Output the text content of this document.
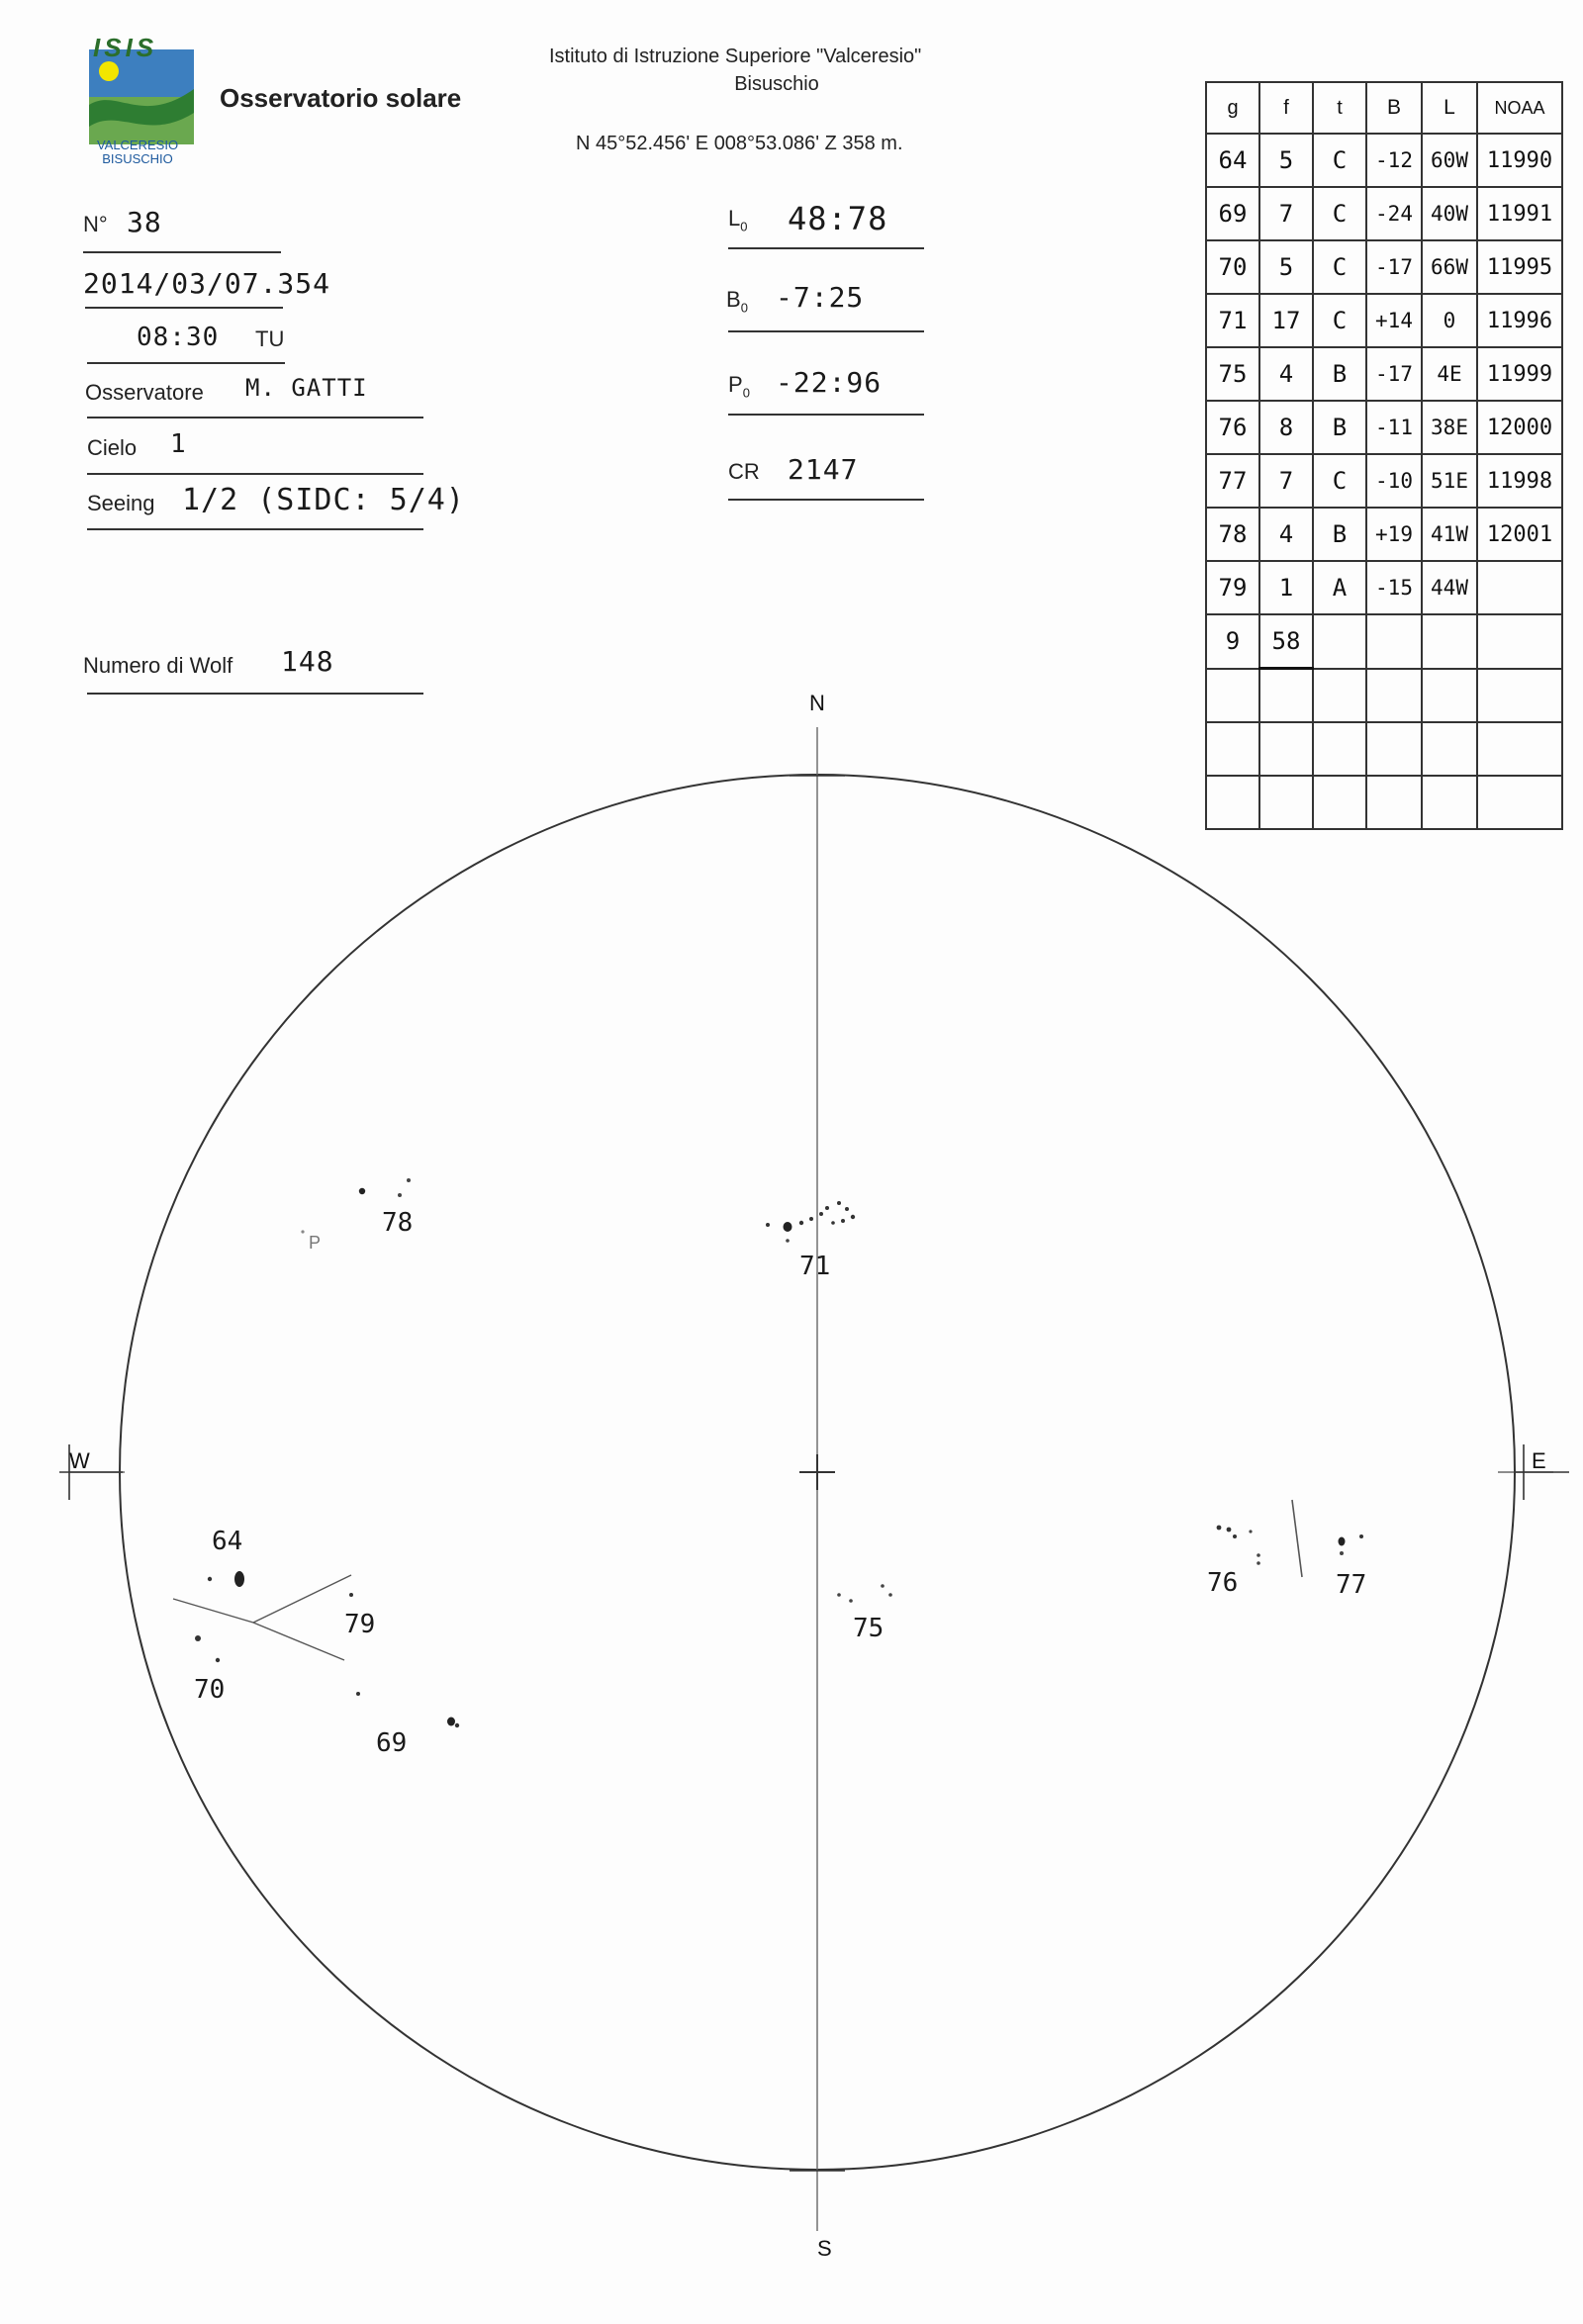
ISIS
VALCERESIO
BISUSCHIO
Osservatorio solare
Istituto di Istruzione Superiore "Valceresio"
Bisuschio
N 45°52.456' E 008°53.086' Z 358 m.
N° 38
2014/03/07.354
08:30 TU
Osservatore M. GATTI
Cielo 1
Seeing 1/2 (SIDC: 5/4)
Numero di Wolf 148
$L_0$ 48:78
$B_0$ -7:25
$P_0$ -22:96
CR 2147
g	f	t	B	L	NOAA
64	5	C	-12	60W	11990
69	7	C	-24	40W	11991
70	5	C	-17	66W	11995
71	17	C	+14	0	11996
75	4	B	-17	4E	11999
76	8	B	-11	38E	12000
77	7	C	-10	51E	11998
78	4	B	+19	41W	12001
79	1	A	-15	44W	
9	58				

N
S
E
W
P
78
71
64
79
70
69
75
76	77
